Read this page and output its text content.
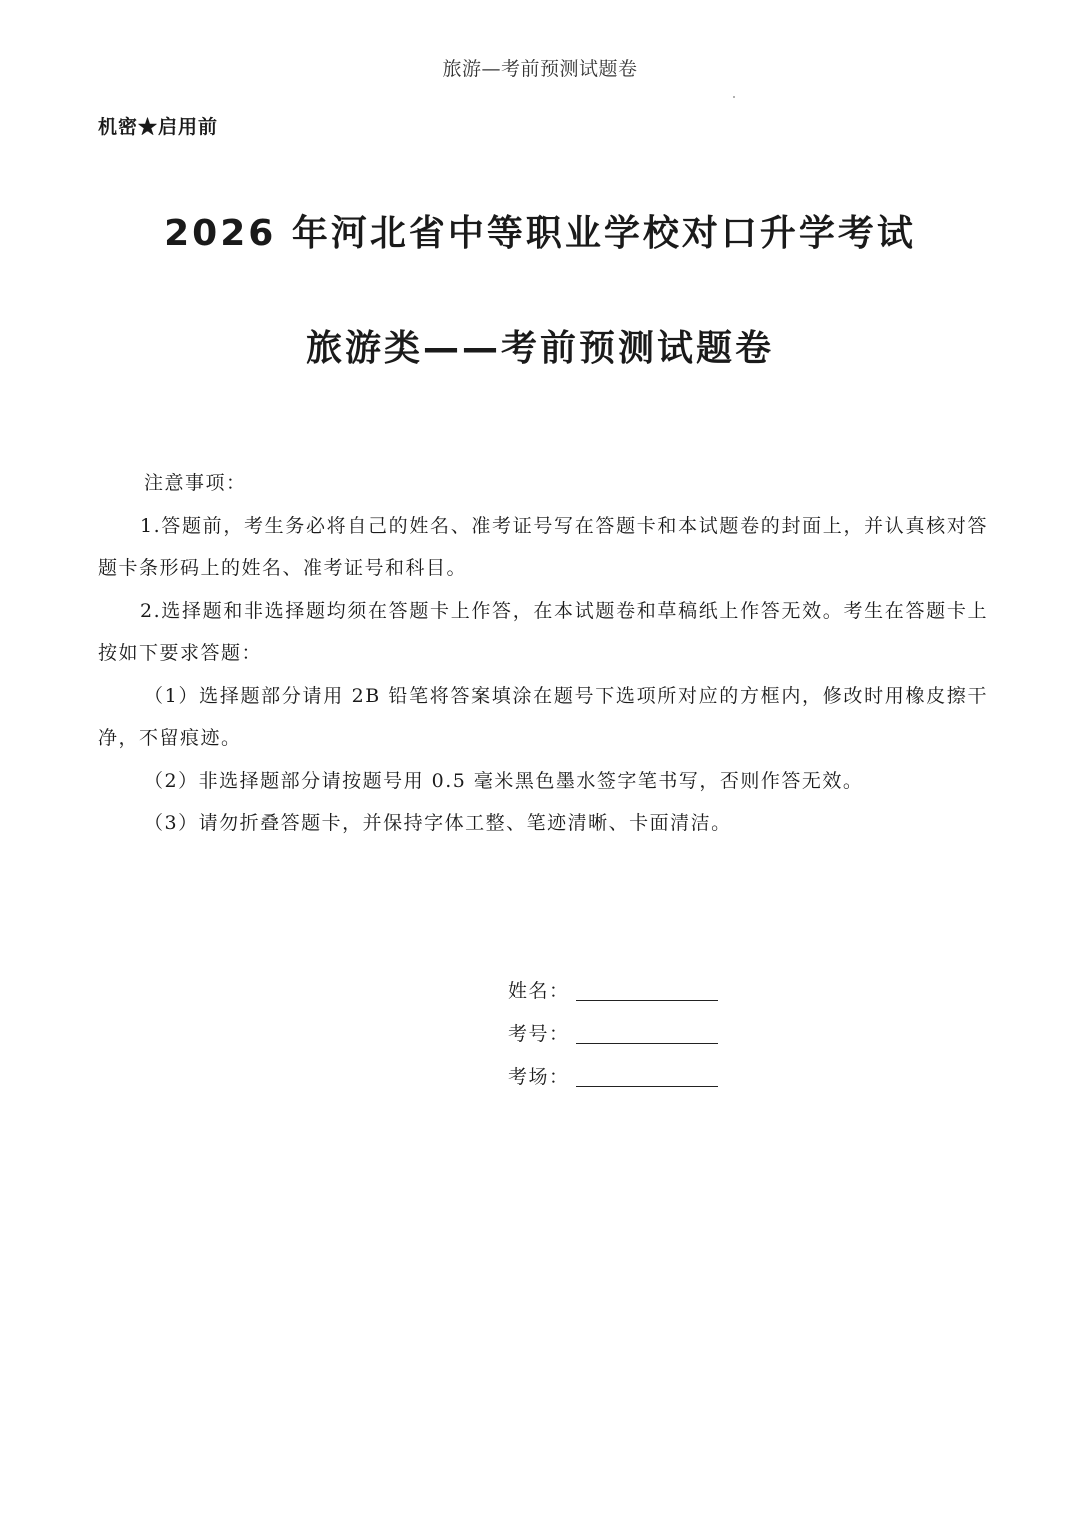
旅游—考前预测试题卷
机密★启用前
2026 年河北省中等职业学校对口升学考试
旅游类——考前预测试题卷
注意事项：
1.答题前，考生务必将自己的姓名、准考证号写在答题卡和本试题卷的封面上，并认真核对答题卡条形码上的姓名、准考证号和科目。
2.选择题和非选择题均须在答题卡上作答，在本试题卷和草稿纸上作答无效。考生在答题卡上按如下要求答题：
（1）选择题部分请用 2B 铅笔将答案填涂在题号下选项所对应的方框内，修改时用橡皮擦干净，不留痕迹。
（2）非选择题部分请按题号用 0.5 毫米黑色墨水签字笔书写，否则作答无效。
（3）请勿折叠答题卡，并保持字体工整、笔迹清晰、卡面清洁。
姓名：
考号：
考场：
